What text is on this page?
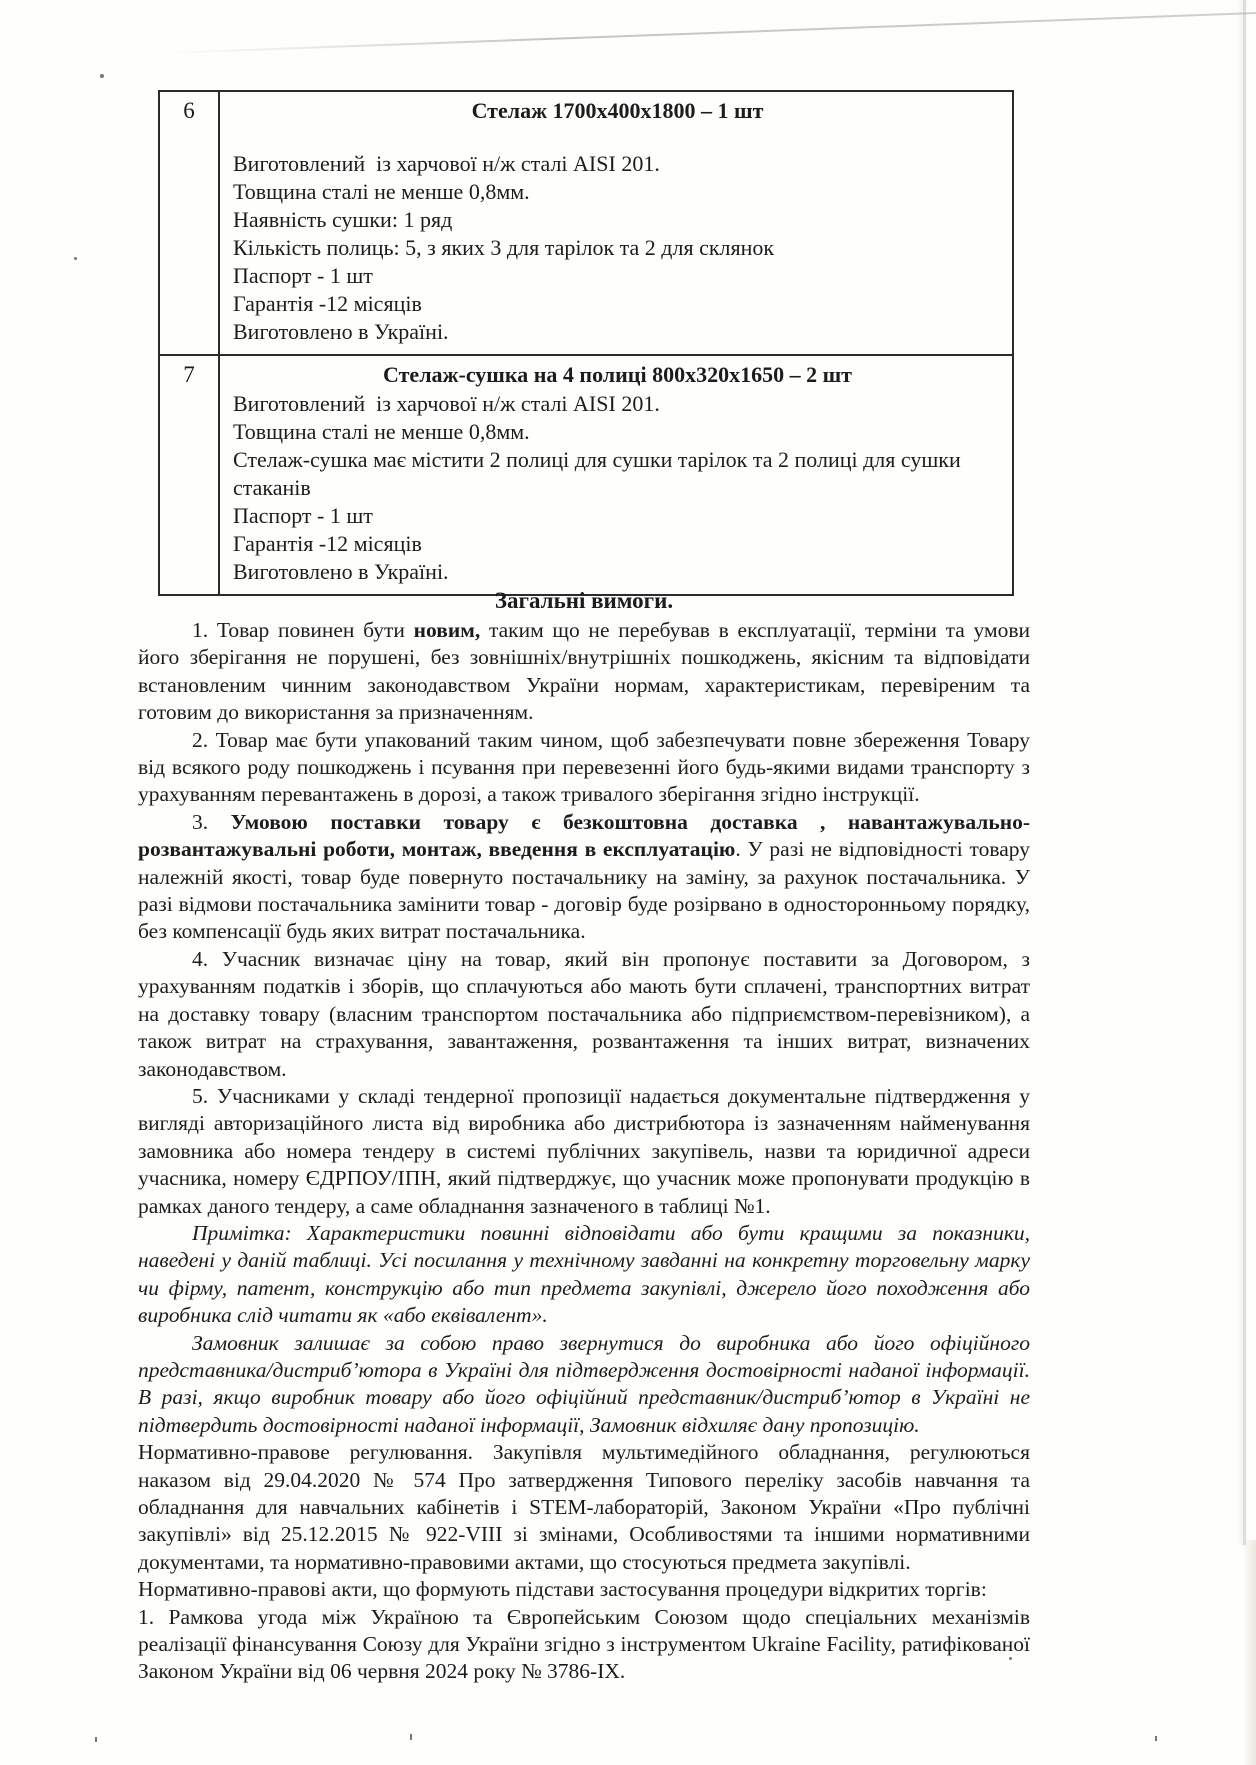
6	Стелаж 1700х400х1800 – 1 шт
Виготовлений  із харчової н/ж сталі AISI 201.
Товщина сталі не менше 0,8мм.
Наявність сушки: 1 ряд
Кількість полиць: 5, з яких 3 для тарілок та 2 для склянок
Паспорт - 1 шт
Гарантія -12 місяців
Виготовлено в Україні.

7	Стелаж-сушка на 4 полиці 800х320х1650 – 2 шт
Виготовлений  із харчової н/ж сталі AISI 201.
Товщина сталі не менше 0,8мм.
Стелаж-сушка має містити 2 полиці для сушки тарілок та 2 полиці для сушки стаканів
Паспорт - 1 шт
Гарантія -12 місяців
Виготовлено в Україні.
Загальні вимоги.

1. Товар повинен бути новим, таким що не перебував в експлуатації, терміни та умови його зберігання не порушені, без зовнішніх/внутрішніх пошкоджень, якісним та відповідати встановленим чинним законодавством України нормам, характеристикам, перевіреним та готовим до використання за призначенням.

2. Товар має бути упакований таким чином, щоб забезпечувати повне збереження Товару від всякого роду пошкоджень і псування при перевезенні його будь-якими видами транспорту з урахуванням перевантажень в дорозі, а також тривалого зберігання згідно інструкції.

3. Умовою поставки товару є безкоштовна доставка , навантажувально-розвантажувальні роботи, монтаж, введення в експлуатацію. У разі не відповідності товару належній якості, товар буде повернуто постачальнику на заміну, за рахунок постачальника. У разі відмови постачальника замінити товар - договір буде розірвано в односторонньому порядку, без компенсації будь яких витрат постачальника.

4. Учасник визначає ціну на товар, який він пропонує поставити за Договором, з урахуванням податків і зборів, що сплачуються або мають бути сплачені, транспортних витрат на доставку товару (власним транспортом постачальника або підприємством-перевізником), а також витрат на страхування, завантаження, розвантаження та інших витрат, визначених законодавством.

5. Учасниками у складі тендерної пропозиції надається документальне підтвердження у вигляді авторизаційного листа від виробника або дистрибютора із зазначенням найменування замовника або номера тендеру в системі публічних закупівель, назви та юридичної адреси учасника, номеру ЄДРПОУ/ІПН, який підтверджує, що учасник може пропонувати продукцію в рамках даного тендеру, а саме обладнання зазначеного в таблиці №1.

Примітка: Характеристики повинні відповідати або бути кращими за показники, наведені у даній таблиці. Усі посилання у технічному завданні на конкретну торговельну марку чи фірму, патент, конструкцію або тип предмета закупівлі, джерело його походження або виробника слід читати як «або еквівалент».

Замовник залишає за собою право звернутися до виробника або його офіційного представника/дистриб’ютора в Україні для підтвердження достовірності наданої інформації. В разі, якщо виробник товару або його офіційний представник/дистриб’ютор в Україні не підтвердить достовірності наданої інформації, Замовник відхиляє дану пропозицію.

Нормативно-правове регулювання. Закупівля мультимедійного обладнання, регулюються наказом від 29.04.2020 № 574 Про затвердження Типового переліку засобів навчання та обладнання для навчальних кабінетів і STEM-лабораторій, Законом України «Про публічні закупівлі» від 25.12.2015 № 922-VIII зі змінами, Особливостями та іншими нормативними документами, та нормативно-правовими актами, що стосуються предмета закупівлі.

Нормативно-правові акти, що формують підстави застосування процедури відкритих торгів:

1. Рамкова угода між Україною та Європейським Союзом щодо спеціальних механізмів реалізації фінансування Союзу для України згідно з інструментом Ukraine Facility, ратифікованої Законом України від 06 червня 2024 року № 3786-IX.
